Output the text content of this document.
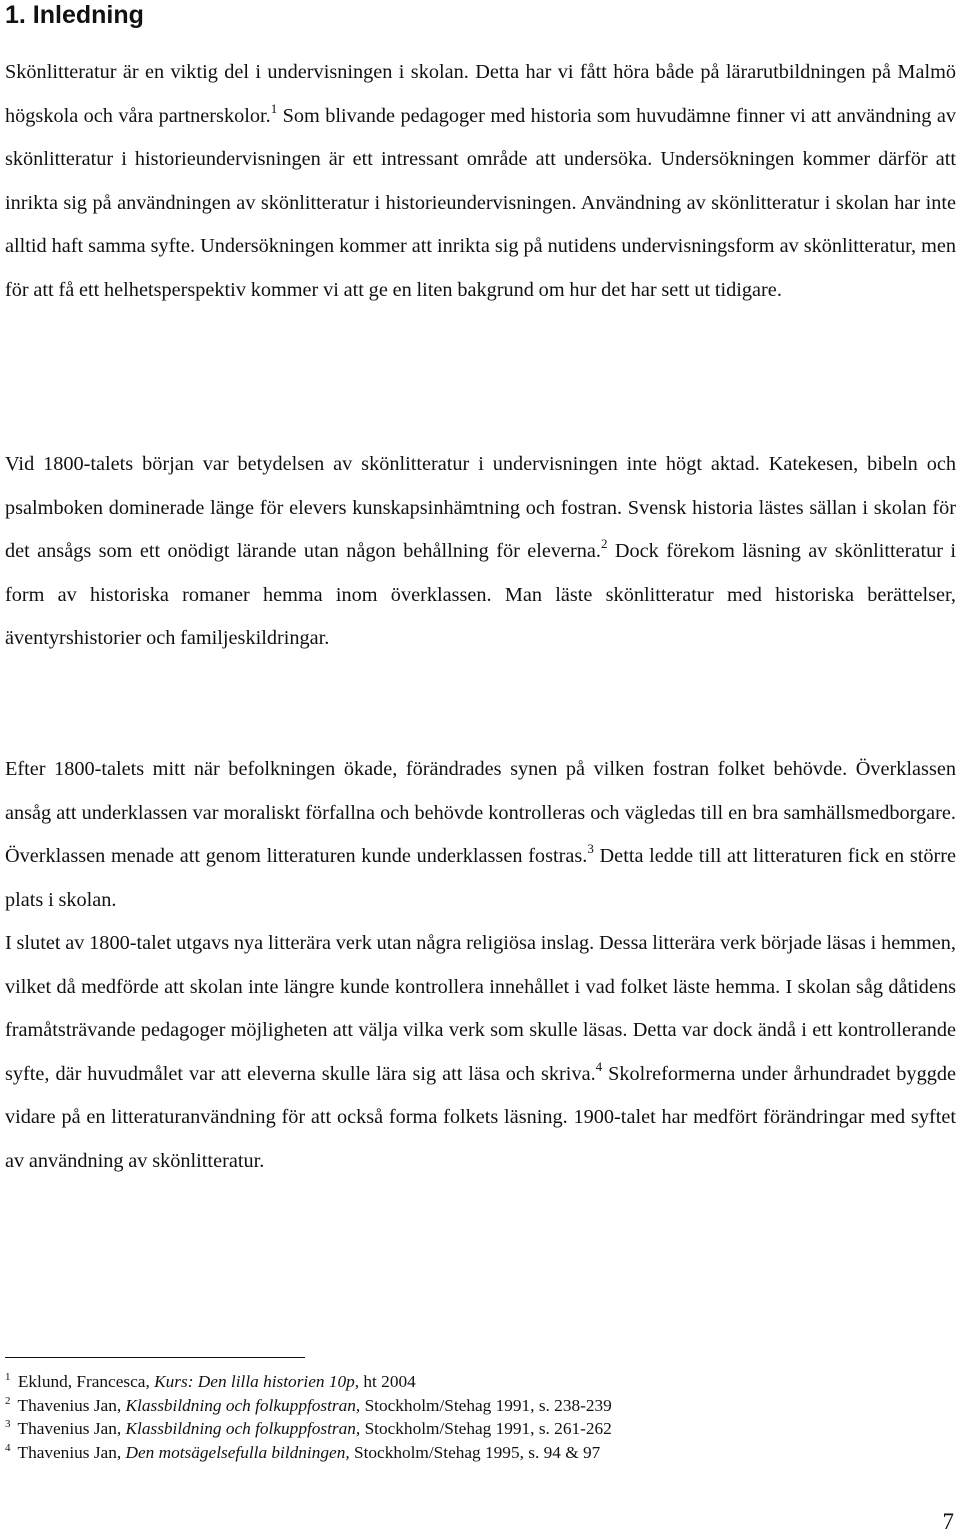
1. Inledning

Skönlitteratur är en viktig del i undervisningen i skolan. Detta har vi fått höra både på lärarutbildningen på Malmö högskola och våra partnerskolor.$^1$ Som blivande pedagoger med historia som huvudämne finner vi att användning av skönlitteratur i historieundervisningen är ett intressant område att undersöka. Undersökningen kommer därför att inrikta sig på användningen av skönlitteratur i historieundervisningen. Användning av skönlitteratur i skolan har inte alltid haft samma syfte. Undersökningen kommer att inrikta sig på nutidens undervisningsform av skönlitteratur, men för att få ett helhetsperspektiv kommer vi att ge en liten bakgrund om hur det har sett ut tidigare.

Vid 1800-talets början var betydelsen av skönlitteratur i undervisningen inte högt aktad. Katekesen, bibeln och psalmboken dominerade länge för elevers kunskapsinhämtning och fostran. Svensk historia lästes sällan i skolan för det ansågs som ett onödigt lärande utan någon behållning för eleverna.$^2$ Dock förekom läsning av skönlitteratur i form av historiska romaner hemma inom överklassen. Man läste skönlitteratur med historiska berättelser, äventyrshistorier och familjeskildringar.

Efter 1800-talets mitt när befolkningen ökade, förändrades synen på vilken fostran folket behövde. Överklassen ansåg att underklassen var moraliskt förfallna och behövde kontrolleras och vägledas till en bra samhällsmedborgare. Överklassen menade att genom litteraturen kunde underklassen fostras.$^3$ Detta ledde till att litteraturen fick en större plats i skolan.

I slutet av 1800-talet utgavs nya litterära verk utan några religiösa inslag. Dessa litterära verk började läsas i hemmen, vilket då medförde att skolan inte längre kunde kontrollera innehållet i vad folket läste hemma. I skolan såg dåtidens framåtsträvande pedagoger möjligheten att välja vilka verk som skulle läsas. Detta var dock ändå i ett kontrollerande syfte, där huvudmålet var att eleverna skulle lära sig att läsa och skriva.$^4$ Skolreformerna under århundradet byggde vidare på en litteraturanvändning för att också forma folkets läsning. 1900-talet har medfört förändringar med syftet av användning av skönlitteratur.

$^1$ Eklund, Francesca, Kurs: Den lilla historien 10p, ht 2004
$^2$ Thavenius Jan, Klassbildning och folkuppfostran, Stockholm/Stehag 1991, s. 238-239
$^3$ Thavenius Jan, Klassbildning och folkuppfostran, Stockholm/Stehag 1991, s. 261-262
$^4$ Thavenius Jan, Den motsägelsefulla bildningen, Stockholm/Stehag 1995, s. 94 & 97
7
